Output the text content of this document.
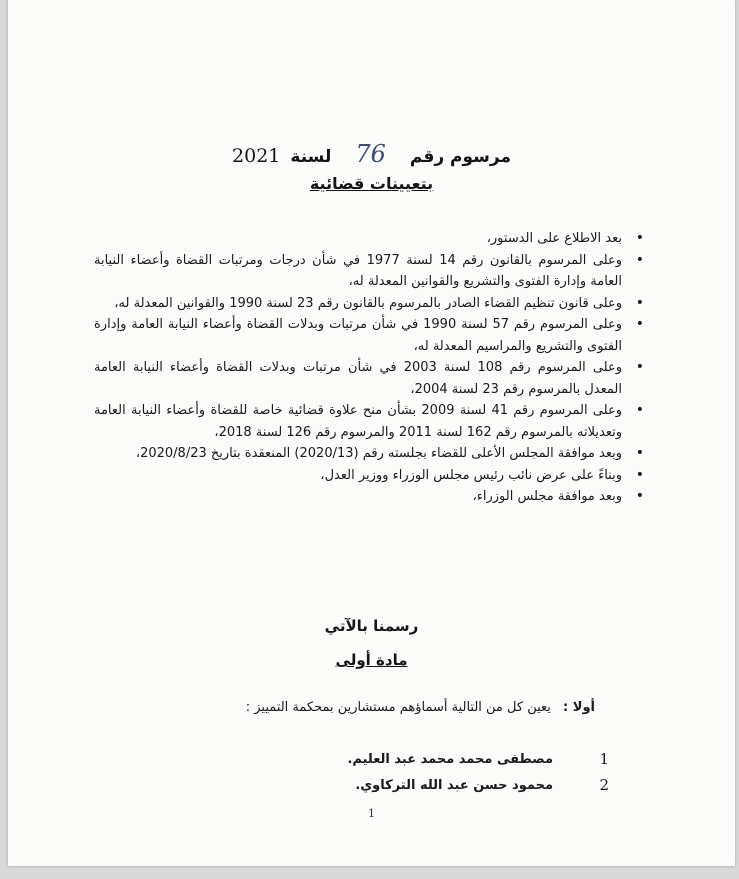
مرسوم رقم
76
لسنة
2021
بتعيينات قضائية
•
بعد الاطلاع على الدستور،
•
وعلى المرسوم بالقانون رقم 14 لسنة 1977 في شأن درجات ومرتبات القضاة وأعضاء النيابة العامة وإدارة الفتوى والتشريع والقوانين المعدلة له،
•
وعلى قانون تنظيم القضاء الصادر بالمرسوم بالقانون رقم 23 لسنة 1990 والقوانين المعدلة له،
•
وعلى المرسوم رقم 57 لسنة 1990 في شأن مرتبات وبدلات القضاة وأعضاء النيابة العامة وإدارة الفتوى والتشريع والمراسيم المعدلة له،
•
وعلى المرسوم رقم 108 لسنة 2003 في شأن مرتبات وبدلات القضاة وأعضاء النيابة العامة المعدل بالمرسوم رقم 23 لسنة 2004،
•
وعلى المرسوم رقم 41 لسنة 2009 بشأن منح علاوة قضائية خاصة للقضاة وأعضاء النيابة العامة وتعديلاته بالمرسوم رقم 162 لسنة 2011 والمرسوم رقم 126 لسنة 2018،
•
وبعد موافقة المجلس الأعلى للقضاء بجلسته رقم (2020/13) المنعقدة بتاريخ 2020/8/23،
•
وبناءً على عرض نائب رئيس مجلس الوزراء ووزير العدل،
•
وبعد موافقة مجلس الوزراء،
رسمنا بالآتي
مادة أولى
أولا : يعين كل من التالية أسماؤهم مستشارين بمحكمة التمييز :
1
مصطفى محمد محمد عبد العليم.
2
محمود حسن عبد الله التركاوي.
1
